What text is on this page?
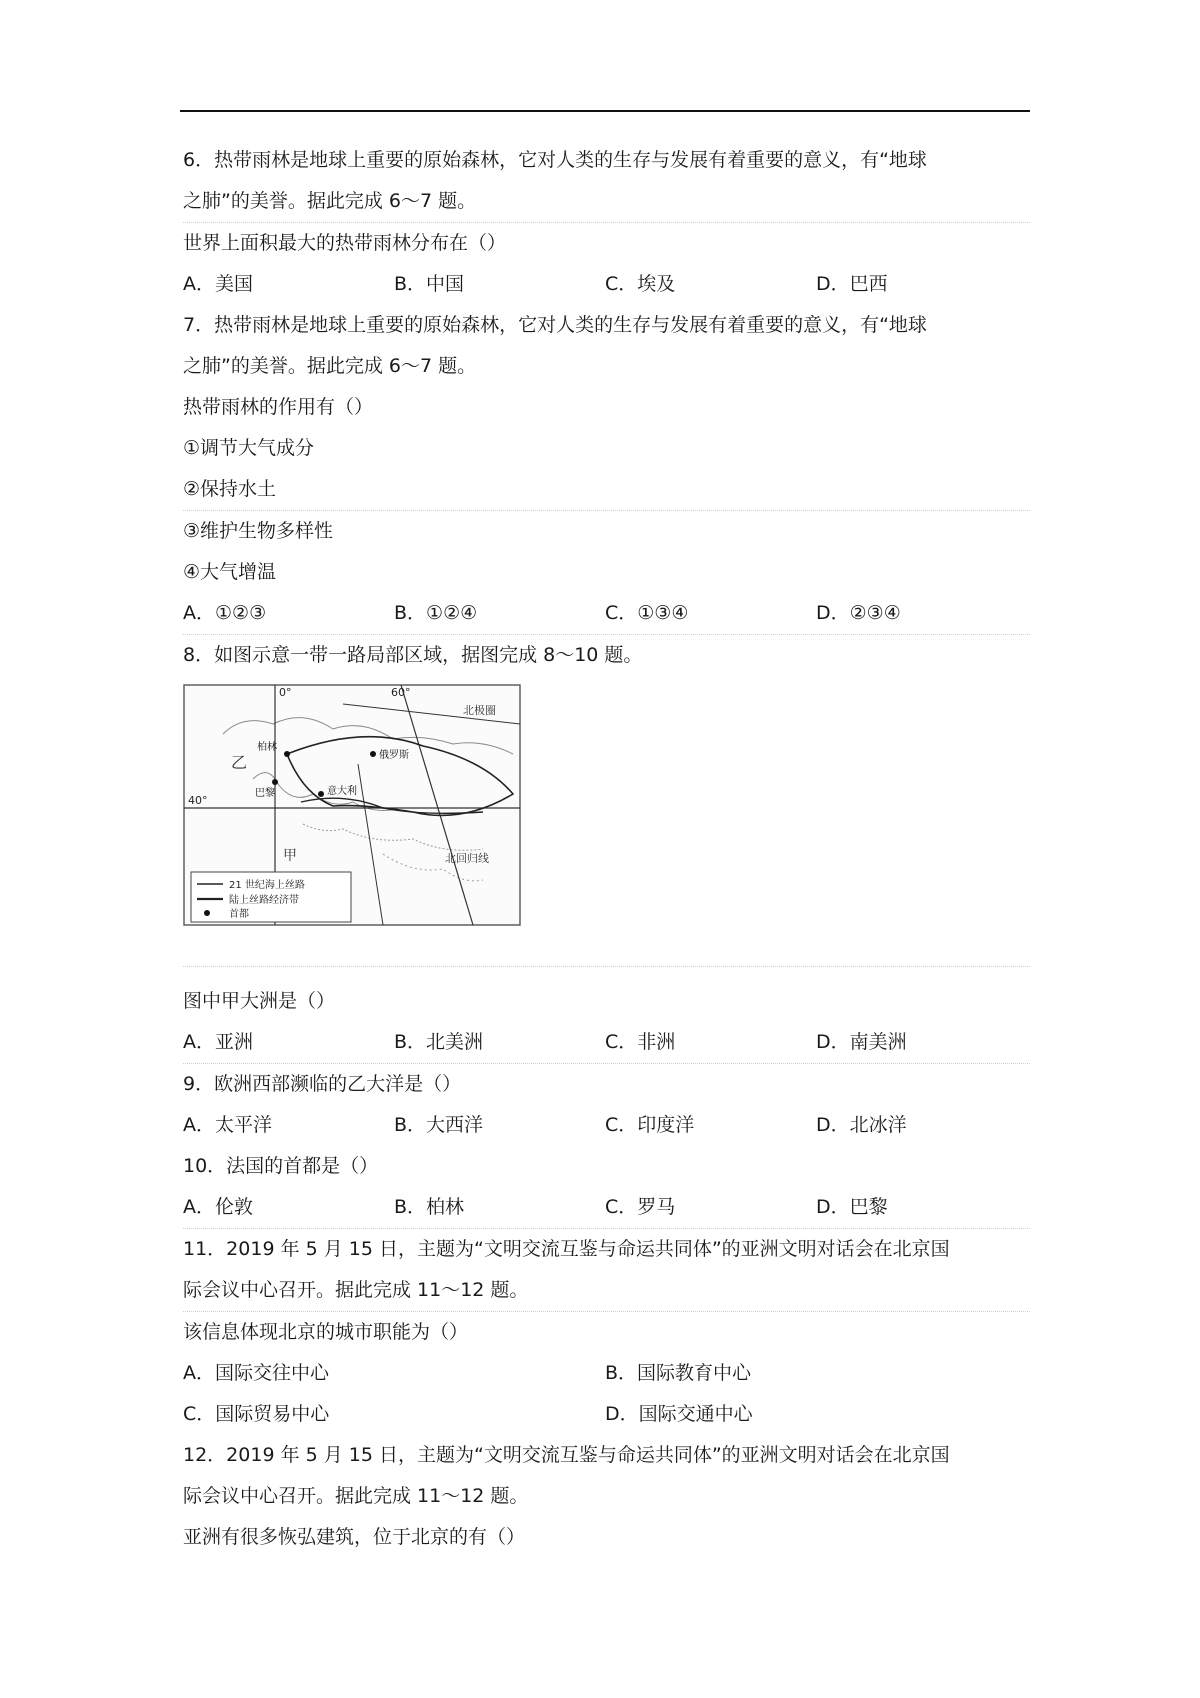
6．热带雨林是地球上重要的原始森林，它对人类的生存与发展有着重要的意义，有“地球
之肺”的美誉。据此完成 6～7 题。
世界上面积最大的热带雨林分布在（）
A．美国	B．中国	C．埃及	D．巴西
7．热带雨林是地球上重要的原始森林，它对人类的生存与发展有着重要的意义，有“地球
之肺”的美誉。据此完成 6～7 题。
热带雨林的作用有（）
①调节大气成分
②保持水土
③维护生物多样性
④大气增温
A．①②③	B．①②④	C．①③④	D．②③④
8．如图示意一带一路局部区域，据图完成 8～10 题。
0°	60°
40°
北极圈
北回归线
乙
甲
柏林
俄罗斯
巴黎	意大利
21 世纪海上丝路
陆上丝路经济带
首都
图中甲大洲是（）
A．亚洲	B．北美洲	C．非洲	D．南美洲
9．欧洲西部濒临的乙大洋是（）
A．太平洋	B．大西洋	C．印度洋	D．北冰洋
10．法国的首都是（）
A．伦敦	B．柏林	C．罗马	D．巴黎
11．2019 年 5 月 15 日，主题为“文明交流互鉴与命运共同体”的亚洲文明对话会在北京国
际会议中心召开。据此完成 11～12 题。
该信息体现北京的城市职能为（）
A．国际交往中心	B．国际教育中心
C．国际贸易中心	D．国际交通中心
12．2019 年 5 月 15 日，主题为“文明交流互鉴与命运共同体”的亚洲文明对话会在北京国
际会议中心召开。据此完成 11～12 题。
亚洲有很多恢弘建筑，位于北京的有（）
